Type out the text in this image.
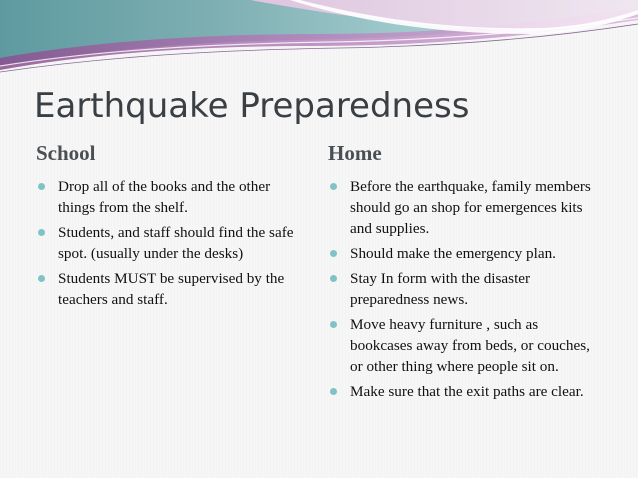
Earthquake Preparedness
School	Home
Drop all of the books and the other things from the shelf.
Students, and staff should find the safe spot. (usually under the desks)
Students MUST be supervised by the teachers and staff.
Before the earthquake, family members should go an shop for emergences kits and supplies.
Should make the emergency plan.
Stay In form with the disaster preparedness news.
Move heavy furniture , such as bookcases away from beds, or couches, or other thing where people sit on.
Make sure that the exit paths are clear.
